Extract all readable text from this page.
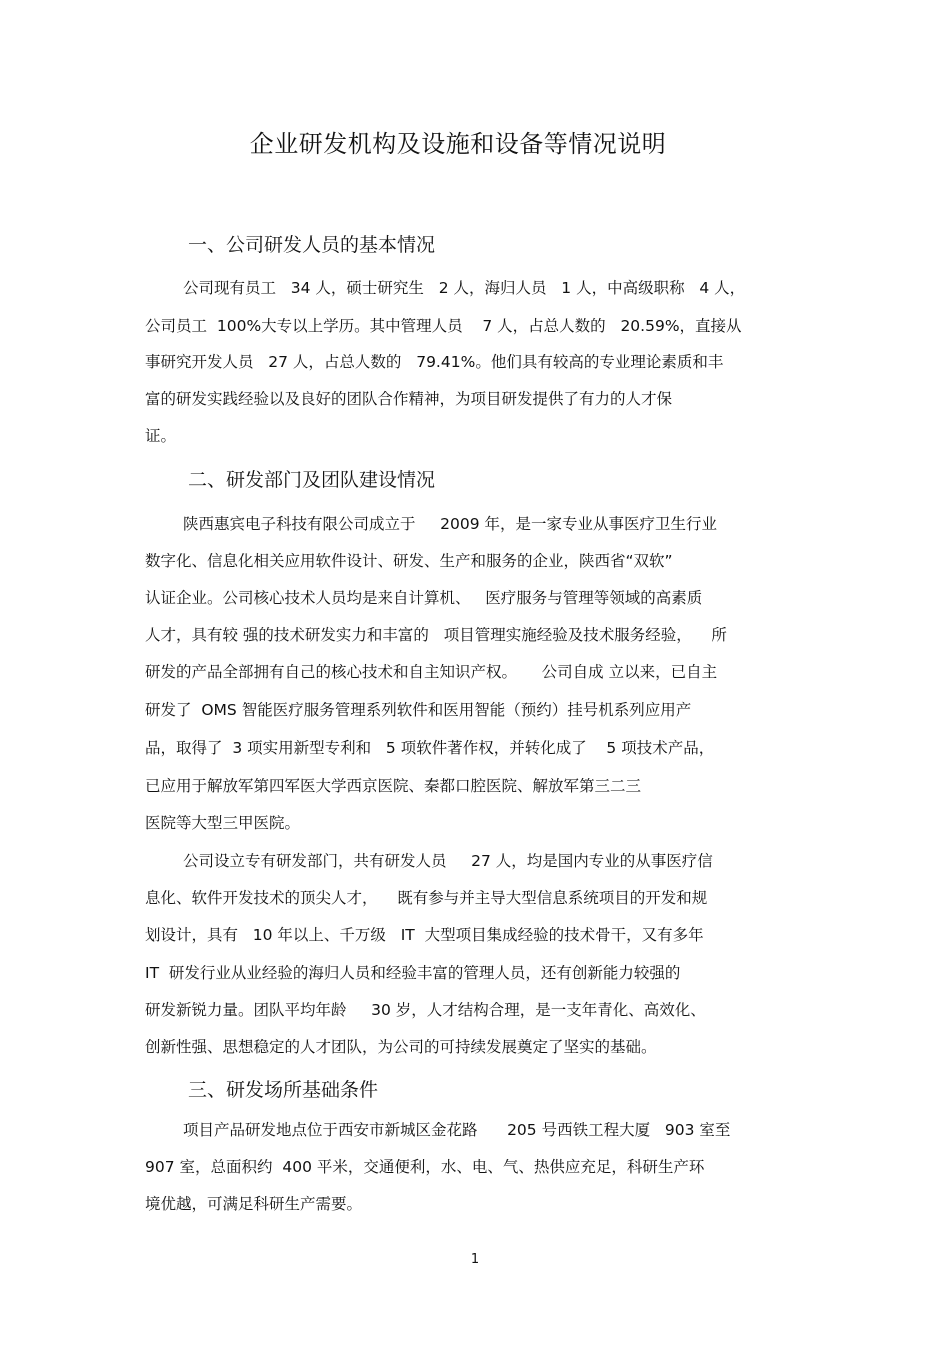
企业研发机构及设施和设备等情况说明
一、公司研发人员的基本情况
公司现有员工   34 人，硕士研究生   2 人，海归人员   1 人，中高级职称   4 人，
公司员工  100%大专以上学历。其中管理人员    7 人，占总人数的   20.59%，直接从
事研究开发人员   27 人，占总人数的   79.41%。他们具有较高的专业理论素质和丰
富的研发实践经验以及良好的团队合作精神，为项目研发提供了有力的人才保
证。
二、研发部门及团队建设情况
陕西惠宾电子科技有限公司成立于     2009 年，是一家专业从事医疗卫生行业
数字化、信息化相关应用软件设计、研发、生产和服务的企业，陕西省“双软”
认证企业。公司核心技术人员均是来自计算机、   医疗服务与管理等领域的高素质
人才，具有较 强的技术研发实力和丰富的   项目管理实施经验及技术服务经验，    所
研发的产品全部拥有自己的核心技术和自主知识产权。     公司自成 立以来，已自主
研发了  OMS 智能医疗服务管理系列软件和医用智能（预约）挂号机系列应用产
品，取得了  3 项实用新型专利和   5 项软件著作权，并转化成了    5 项技术产品，
已应用于解放军第四军医大学西京医院、秦都口腔医院、解放军第三二三
医院等大型三甲医院。
公司设立专有研发部门，共有研发人员     27 人，均是国内专业的从事医疗信
息化、软件开发技术的顶尖人才，    既有参与并主导大型信息系统项目的开发和规
划设计，具有   10 年以上、千万级   IT  大型项目集成经验的技术骨干，又有多年
IT  研发行业从业经验的海归人员和经验丰富的管理人员，还有创新能力较强的
研发新锐力量。团队平均年龄     30 岁，人才结构合理，是一支年青化、高效化、
创新性强、思想稳定的人才团队，为公司的可持续发展奠定了坚实的基础。
三、研发场所基础条件
项目产品研发地点位于西安市新城区金花路      205 号西铁工程大厦   903 室至
907 室，总面积约  400 平米，交通便利，水、电、气、热供应充足，科研生产环
境优越，可满足科研生产需要。
1
